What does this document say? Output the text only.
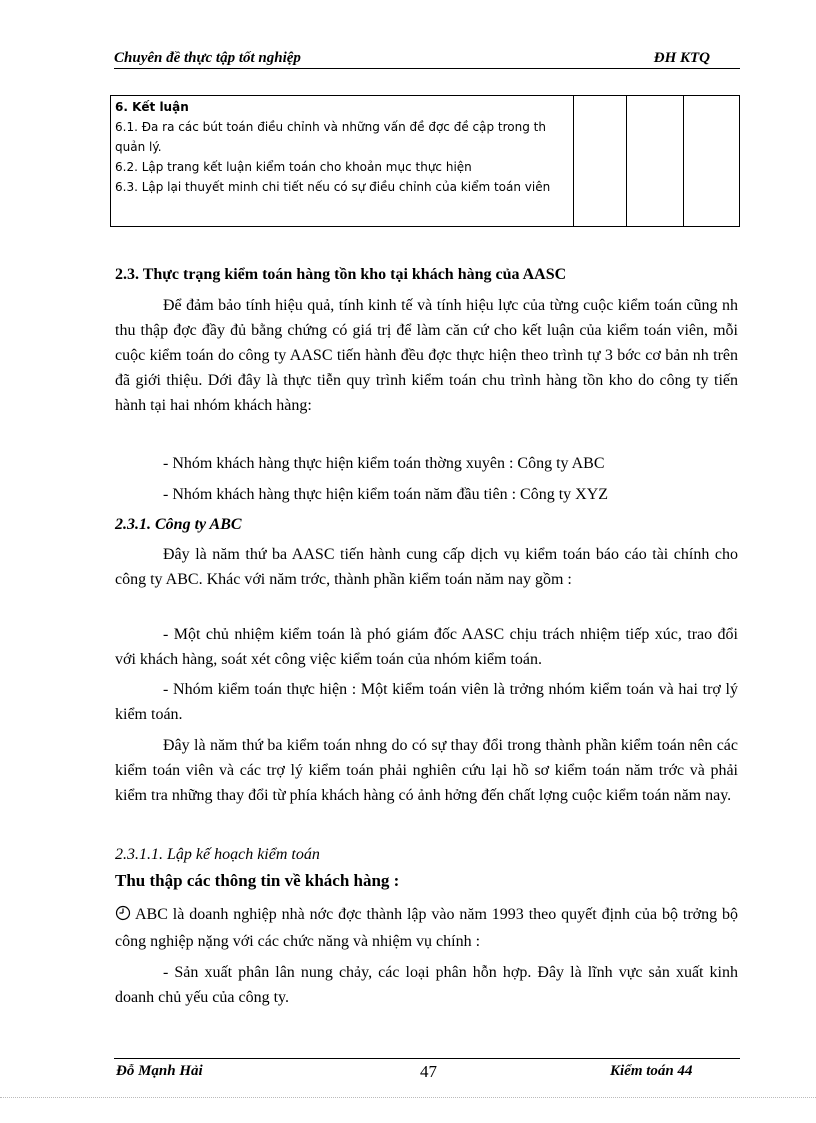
Chuyên đề thực tập tốt nghiệp	ĐH KTQ
6. Kết luận
6.1. Đa ra các bút toán điều chỉnh và những vấn đề đợc đề cập trong th quản lý.
6.2. Lập trang kết luận kiểm toán cho khoản mục thực hiện
6.3. Lập lại thuyết minh chi tiết nếu có sự điều chỉnh của kiểm toán viên

2.3. Thực trạng kiểm toán hàng tồn kho tại khách hàng của AASC
Để đảm bảo tính hiệu quả, tính kinh tế và tính hiệu lực của từng cuộc kiểm toán cũng nh thu thập đợc đầy đủ bằng chứng có giá trị để làm căn cứ cho kết luận của kiểm toán viên, mỗi cuộc kiểm toán do công ty AASC tiến hành đều đợc thực hiện theo trình tự 3 bớc cơ bản nh trên đã giới thiệu. Dới đây là thực tiễn quy trình kiểm toán chu trình hàng tồn kho do công ty tiến hành tại hai nhóm khách hàng:
- Nhóm khách hàng thực hiện kiểm toán thờng xuyên : Công ty ABC
- Nhóm khách hàng thực hiện kiểm toán năm đầu tiên : Công ty XYZ
2.3.1. Công ty ABC
Đây là năm thứ ba AASC tiến hành cung cấp dịch vụ kiểm toán báo cáo tài chính cho công ty ABC. Khác với năm trớc, thành phần kiểm toán năm nay gồm :
- Một chủ nhiệm kiểm toán là phó giám đốc AASC chịu trách nhiệm tiếp xúc, trao đổi với khách hàng, soát xét công việc kiểm toán của nhóm kiểm toán.
- Nhóm kiểm toán thực hiện : Một kiểm toán viên là trởng nhóm kiểm toán và hai trợ lý kiểm toán.
Đây là năm thứ ba kiểm toán nhng do có sự thay đổi trong thành phần kiểm toán nên các kiểm toán viên và các trợ lý kiểm toán phải nghiên cứu lại hồ sơ kiểm toán năm trớc và phải kiểm tra những thay đổi từ phía khách hàng có ảnh hởng đến chất lợng cuộc kiểm toán năm nay.
2.3.1.1. Lập kế hoạch kiểm toán
Thu thập các thông tin về khách hàng :
ABC là doanh nghiệp nhà nớc đợc thành lập vào năm 1993 theo quyết định của bộ trởng bộ công nghiệp nặng với các chức năng và nhiệm vụ chính :
- Sản xuất phân lân nung chảy, các loại phân hỗn hợp. Đây là lĩnh vực sản xuất kinh doanh chủ yếu của công ty.
Đỗ Mạnh Hải	47	Kiểm toán 44
